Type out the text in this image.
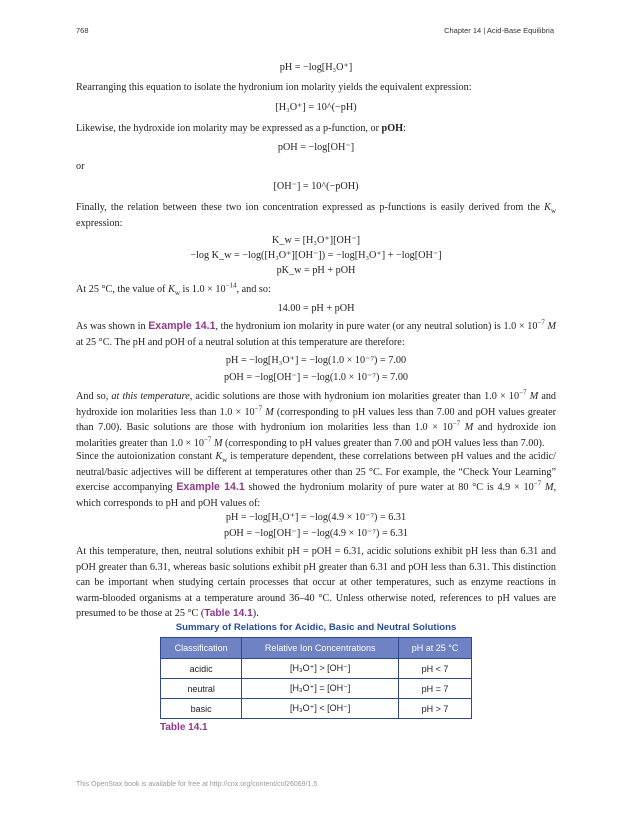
768	Chapter 14 | Acid-Base Equilibria
pH = −log[H₃O⁺]

Rearranging this equation to isolate the hydronium ion molarity yields the equivalent expression:

[H₃O⁺] = 10^(−pH)

Likewise, the hydroxide ion molarity may be expressed as a p-function, or pOH:

pOH = −log[OH⁻]

or

[OH⁻] = 10^(−pOH)

Finally, the relation between these two ion concentration expressed as p-functions is easily derived from the $K_w$ expression:

K_w = [H₃O⁺][OH⁻]
−log K_w = −log([H₃O⁺][OH⁻]) = −log[H₃O⁺] + −log[OH⁻]
pK_w = pH + pOH

At 25 °C, the value of $K_w$ is $1.0 \times 10^{-14}$, and so:

14.00 = pH + pOH

As was shown in Example 14.1, the hydronium ion molarity in pure water (or any neutral solution) is $1.0 \times 10^{-7}$ M at 25 °C. The pH and pOH of a neutral solution at this temperature are therefore:

pH = −log[H₃O⁺] = −log(1.0 × 10⁻⁷) = 7.00
pOH = −log[OH⁻] = −log(1.0 × 10⁻⁷) = 7.00

And so, at this temperature, acidic solutions are those with hydronium ion molarities greater than $1.0 \times 10^{-7}$ M and hydroxide ion molarities less than $1.0 \times 10^{-7}$ M (corresponding to pH values less than 7.00 and pOH values greater than 7.00). Basic solutions are those with hydronium ion molarities less than $1.0 \times 10^{-7}$ M and hydroxide ion molarities greater than $1.0 \times 10^{-7}$ M (corresponding to pH values greater than 7.00 and pOH values less than 7.00).

Since the autoionization constant $K_w$ is temperature dependent, these correlations between pH values and the acidic/ neutral/basic adjectives will be different at temperatures other than 25 °C. For example, the “Check Your Learning” exercise accompanying Example 14.1 showed the hydronium molarity of pure water at 80 °C is $4.9 \times 10^{-7}$ M, which corresponds to pH and pOH values of:

pH = −log[H₃O⁺] = −log(4.9 × 10⁻⁷) = 6.31
pOH = −log[OH⁻] = −log(4.9 × 10⁻⁷) = 6.31

At this temperature, then, neutral solutions exhibit pH = pOH = 6.31, acidic solutions exhibit pH less than 6.31 and pOH greater than 6.31, whereas basic solutions exhibit pH greater than 6.31 and pOH less than 6.31. This distinction can be important when studying certain processes that occur at other temperatures, such as enzyme reactions in warm-blooded organisms at a temperature around 36–40 °C. Unless otherwise noted, references to pH values are presumed to be those at 25 °C (Table 14.1).

Summary of Relations for Acidic, Basic and Neutral Solutions
Classification	Relative Ion Concentrations	pH at 25 °C
acidic	[H₃O⁺] > [OH⁻]	pH < 7
neutral	[H₃O⁺] = [OH⁻]	pH = 7
basic	[H₃O⁺] < [OH⁻]	pH > 7
Table 14.1
This OpenStax book is available for free at http://cnx.org/content/col26069/1.5
